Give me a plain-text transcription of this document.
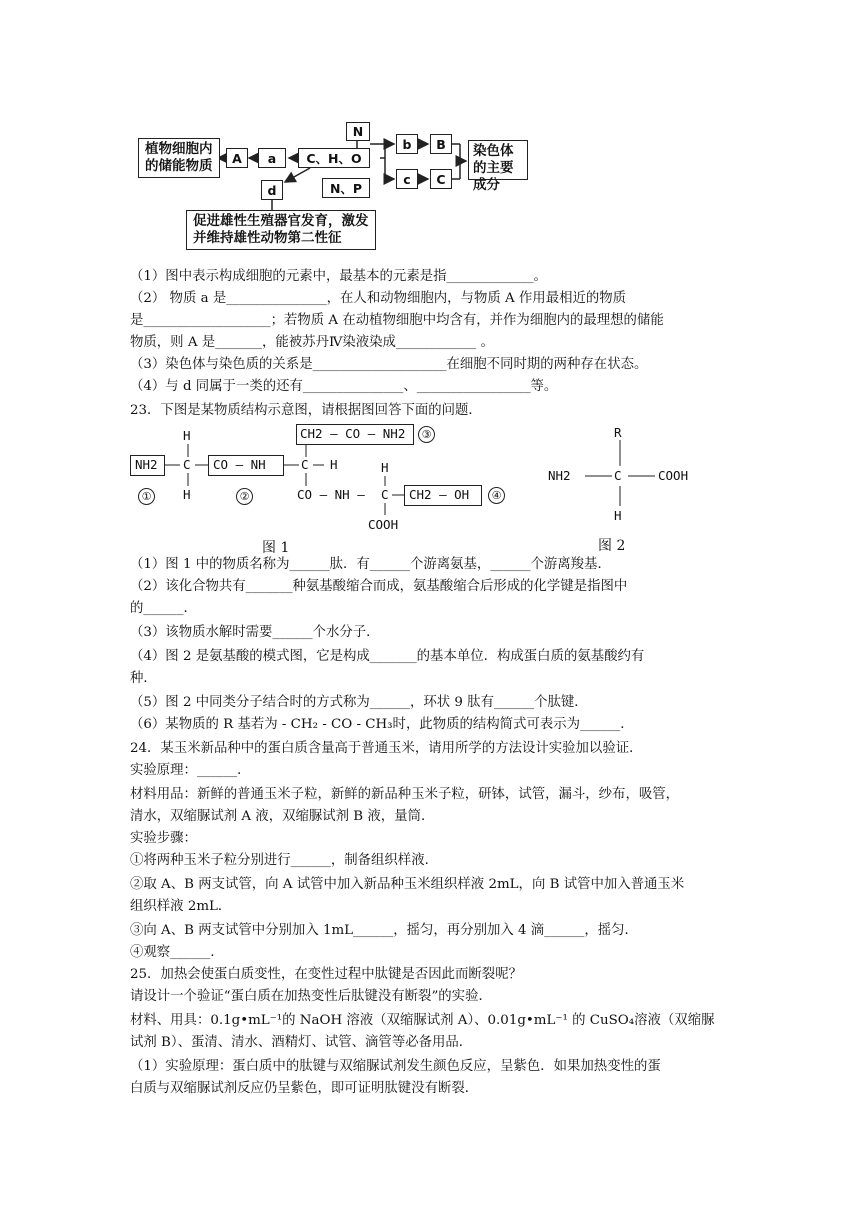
植物细胞内的储能物质	A	a	C、H、O
N
b	B
N、P
c	C
染色体的主要成分
d
促进雄性生殖器官发育，激发并维持雄性动物第二性征
（1）图中表示构成细胞的元素中，最基本的元素是指_____________。
（2） 物质 a 是_______________，在人和动物细胞内，与物质 A 作用最相近的物质
是___________________；若物质 A 在动植物细胞中均含有，并作为细胞内的最理想的储能
物质，则 A 是_______，能被苏丹Ⅳ染液染成____________ 。
（3）染色体与染色质的关系是____________________在细胞不同时期的两种存在状态。
（4）与 d 同属于一类的还有_______________、_________________等。
23．下图是某物质结构示意图，请根据图回答下面的问题．
NH2
H
C
H
CO — NH
CH2 — CO — NH2	③
C H	H
CO — NH — C CH2 — OH	④
COOH
①	②
图 1
R
NH2	C	COOH
H
图 2
（1）图 1 中的物质名称为______肽．有______个游离氨基，______个游离羧基．
（2）该化合物共有_______种氨基酸缩合而成，氨基酸缩合后形成的化学键是指图中
的______．
（3）该物质水解时需要______个水分子．
（4）图 2 是氨基酸的模式图，它是构成_______的基本单位．构成蛋白质的氨基酸约有
种．
（5）图 2 中同类分子结合时的方式称为______，环状 9 肽有______个肽键．
（6）某物质的 R 基若为 - CH₂ - CO - CH₃时，此物质的结构简式可表示为______．
24．某玉米新品种中的蛋白质含量高于普通玉米，请用所学的方法设计实验加以验证．
实验原理：______．
材料用品：新鲜的普通玉米子粒，新鲜的新品种玉米子粒，研钵，试管，漏斗，纱布，吸管，
清水，双缩脲试剂 A 液，双缩脲试剂 B 液，量筒．
实验步骤：
①将两种玉米子粒分别进行______，制备组织样液．
②取 A、B 两支试管，向 A 试管中加入新品种玉米组织样液 2mL，向 B 试管中加入普通玉米
组织样液 2mL．
③向 A、B 两支试管中分别加入 1mL______，摇匀，再分别加入 4 滴______，摇匀．
④观察______．
25．加热会使蛋白质变性，在变性过程中肽键是否因此而断裂呢？
请设计一个验证“蛋白质在加热变性后肽键没有断裂”的实验．
材料、用具：0.1g•mL⁻¹的 NaOH 溶液（双缩脲试剂 A）、0.01g•mL⁻¹ 的 CuSO₄溶液（双缩脲
试剂 B）、蛋清、清水、酒精灯、试管、滴管等必备用品．
（1）实验原理：蛋白质中的肽键与双缩脲试剂发生颜色反应，呈紫色．如果加热变性的蛋
白质与双缩脲试剂反应仍呈紫色，即可证明肽键没有断裂．
